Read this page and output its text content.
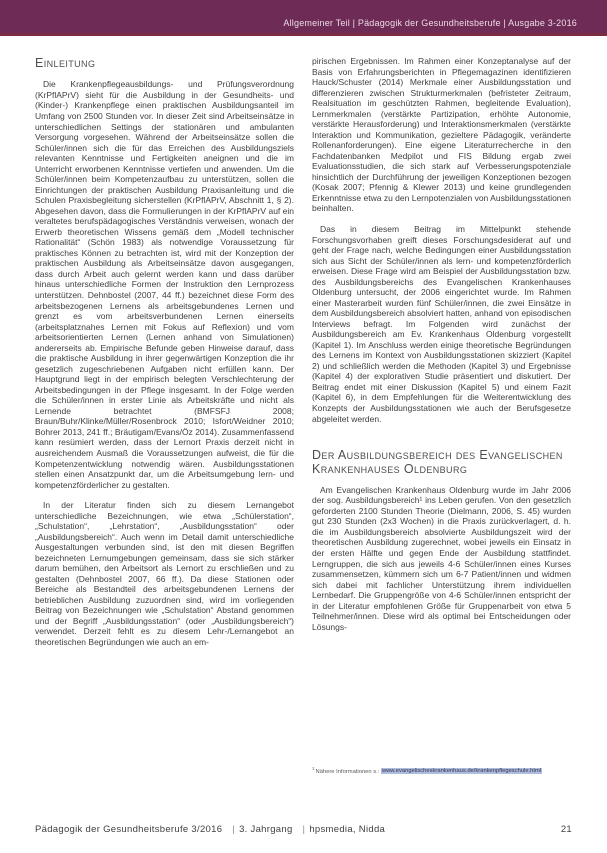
Allgemeiner Teil | Pädagogik der Gesundheitsberufe | Ausgabe 3-2016
Einleitung

Die Krankenpflegeausbildungs- und Prüfungsverordnung (KrPflAPrV) sieht für die Ausbildung in der Gesundheits- und (Kinder-) Krankenpflege einen praktischen Ausbildungsanteil im Umfang von 2500 Stunden vor. In dieser Zeit sind Arbeitseinsätze in unterschiedlichen Settings der stationären und ambulanten Versorgung vorgesehen. Während der Arbeitseinsätze sollen die Schüler/innen sich die für das Erreichen des Ausbildungsziels relevanten Kenntnisse und Fertigkeiten aneignen und die im Unterricht erworbenen Kenntnisse vertiefen und anwenden. Um die Schüler/innen beim Kompetenzaufbau zu unterstützen, sollen die Einrichtungen der praktischen Ausbildung Praxisanleitung und die Schulen Praxisbegleitung sicherstellen (KrPflAPrV, Abschnitt 1, § 2). Abgesehen davon, dass die Formulierungen in der KrPflAPrV auf ein veraltetes berufspädagogisches Verständnis verweisen, wonach der Erwerb theoretischen Wissens gemäß dem „Modell technischer Rationalität“ (Schön 1983) als notwendige Voraussetzung für praktisches Können zu betrachten ist, wird mit der Konzeption der praktischen Ausbildung als Arbeitseinsätze davon ausgegangen, dass durch Arbeit auch gelernt werden kann und dass darüber hinaus unterschiedliche Formen der Instruktion den Lernprozess unterstützen. Dehnbostel (2007, 44 ff.) bezeichnet diese Form des arbeitsbezogenen Lernens als arbeitsgebundenes Lernen und grenzt es vom arbeitsverbundenen Lernen einerseits (arbeitsplatznahes Lernen mit Fokus auf Reflexion) und vom arbeitsorientierten Lernen (Lernen anhand von Simulationen) andererseits ab. Empirische Befunde geben Hinweise darauf, dass die praktische Ausbildung in ihrer gegenwärtigen Konzeption die ihr gesetzlich zugeschriebenen Aufgaben nicht erfüllen kann. Der Hauptgrund liegt in der empirisch belegten Verschlechterung der Arbeitsbedingungen in der Pflege insgesamt. In der Folge werden die Schüler/innen in erster Linie als Arbeitskräfte und nicht als Lernende betrachtet (BMFSFJ 2008; Braun/Buhr/Klinke/Müller/Rosenbrock 2010; Isfort/Weidner 2010; Bohrer 2013, 241 ff.; Bräutigam/Evans/Öz 2014). Zusammenfassend kann resümiert werden, dass der Lernort Praxis derzeit nicht in ausreichendem Ausmaß die Voraussetzungen aufweist, die für die Kompetenzentwicklung notwendig wären. Ausbildungsstationen stellen einen Ansatzpunkt dar, um die Arbeitsumgebung lern- und kompetenzförderlicher zu gestalten.

In der Literatur finden sich zu diesem Lernangebot unterschiedliche Bezeichnungen, wie etwa „Schülerstation“, „Schulstation“, „Lehrstation“, „Ausbildungsstation“ oder „Ausbildungsbereich“. Auch wenn im Detail damit unterschiedliche Ausgestaltungen verbunden sind, ist den mit diesen Begriffen bezeichneten Lernumgebungen gemeinsam, dass sie sich stärker darum bemühen, den Arbeitsort als Lernort zu erschließen und zu gestalten (Dehnbostel 2007, 66 ff.). Da diese Stationen oder Bereiche als Bestandteil des arbeitsgebundenen Lernens der betrieblichen Ausbildung zuzuordnen sind, wird im vorliegenden Beitrag von Bezeichnungen wie „Schulstation“ Abstand genommen und der Begriff „Ausbildungsstation“ (oder „Ausbildungsbereich“) verwendet. Derzeit fehlt es zu diesem Lehr-/Lernangebot an theoretischen Begründungen wie auch an em-

pirischen Ergebnissen. Im Rahmen einer Konzeptanalyse auf der Basis von Erfahrungsberichten in Pflegemagazinen identifizieren Hauck/Schuster (2014) Merkmale einer Ausbildungsstation und differenzieren zwischen Strukturmerkmalen (befristeter Zeitraum, Realsituation im geschützten Rahmen, begleitende Evaluation), Lernmerkmalen (verstärkte Partizipation, erhöhte Autonomie, verstärkte Herausforderung) und Interaktionsmerkmalen (verstärkte Interaktion und Kommunikation, gezieltere Pädagogik, veränderte Rollenanforderungen). Eine eigene Literaturrecherche in den Fachdatenbanken Medpilot und FIS Bildung ergab zwei Evaluationsstudien, die sich stark auf Verbesserungspotenziale hinsichtlich der Durchführung der jeweiligen Konzeptionen bezogen (Kosak 2007; Pfennig & Klewer 2013) und keine grundlegenden Erkenntnisse etwa zu den Lernpotenzialen von Ausbildungsstationen beinhalten.

Das in diesem Beitrag im Mittelpunkt stehende Forschungsvorhaben greift dieses Forschungsdesiderat auf und geht der Frage nach, welche Bedingungen einer Ausbildungsstation sich aus Sicht der Schüler/innen als lern- und kompetenzförderlich erweisen. Diese Frage wird am Beispiel der Ausbildungsstation bzw. des Ausbildungsbereichs des Evangelischen Krankenhauses Oldenburg untersucht, der 2006 eingerichtet wurde. Im Rahmen einer Masterarbeit wurden fünf Schüler/innen, die zwei Einsätze in dem Ausbildungsbereich absolviert hatten, anhand von episodischen Interviews befragt. Im Folgenden wird zunächst der Ausbildungsbereich am Ev. Krankenhaus Oldenburg vorgestellt (Kapitel 1). Im Anschluss werden einige theoretische Begründungen des Lernens im Kontext von Ausbildungsstationen skizziert (Kapitel 2) und schließlich werden die Methoden (Kapitel 3) und Ergebnisse (Kapitel 4) der explorativen Studie präsentiert und diskutiert. Der Beitrag endet mit einer Diskussion (Kapitel 5) und einem Fazit (Kapitel 6), in dem Empfehlungen für die Weiterentwicklung des Konzepts der Ausbildungsstationen wie auch der Berufsgesetze abgeleitet werden.

Der Ausbildungsbereich des Evangelischen Krankenhauses Oldenburg

Am Evangelischen Krankenhaus Oldenburg wurde im Jahr 2006 der sog. Ausbildungsbereich¹ ins Leben gerufen. Von den gesetzlich geforderten 2100 Stunden Theorie (Dielmann, 2006, S. 45) wurden gut 230 Stunden (2x3 Wochen) in die Praxis zurückverlagert, d. h. die im Ausbildungsbereich absolvierte Ausbildungszeit wird der theoretischen Ausbildung zugerechnet, wobei jeweils ein Einsatz in der ersten Hälfte und gegen Ende der Ausbildung stattfindet. Lerngruppen, die sich aus jeweils 4-6 Schüler/innen eines Kurses zusammensetzen, kümmern sich um 6-7 Patient/innen und widmen sich dabei mit fachlicher Unterstützung ihrem individuellen Lernbedarf. Die Gruppengröße von 4-6 Schüler/innen entspricht der in der Literatur empfohlenen Größe für Gruppenarbeit von etwa 5 Teilnehmer/innen. Diese wird als optimal bei Entscheidungen oder Lösungs-

$^1$Nähere Informationen s.: www.evangelischeskrankenhaus.de/krankenpflegeschule.html
Pädagogik der Gesundheitsberufe 3/2016 | 3. Jahrgang | hpsmedia, Nidda	21
